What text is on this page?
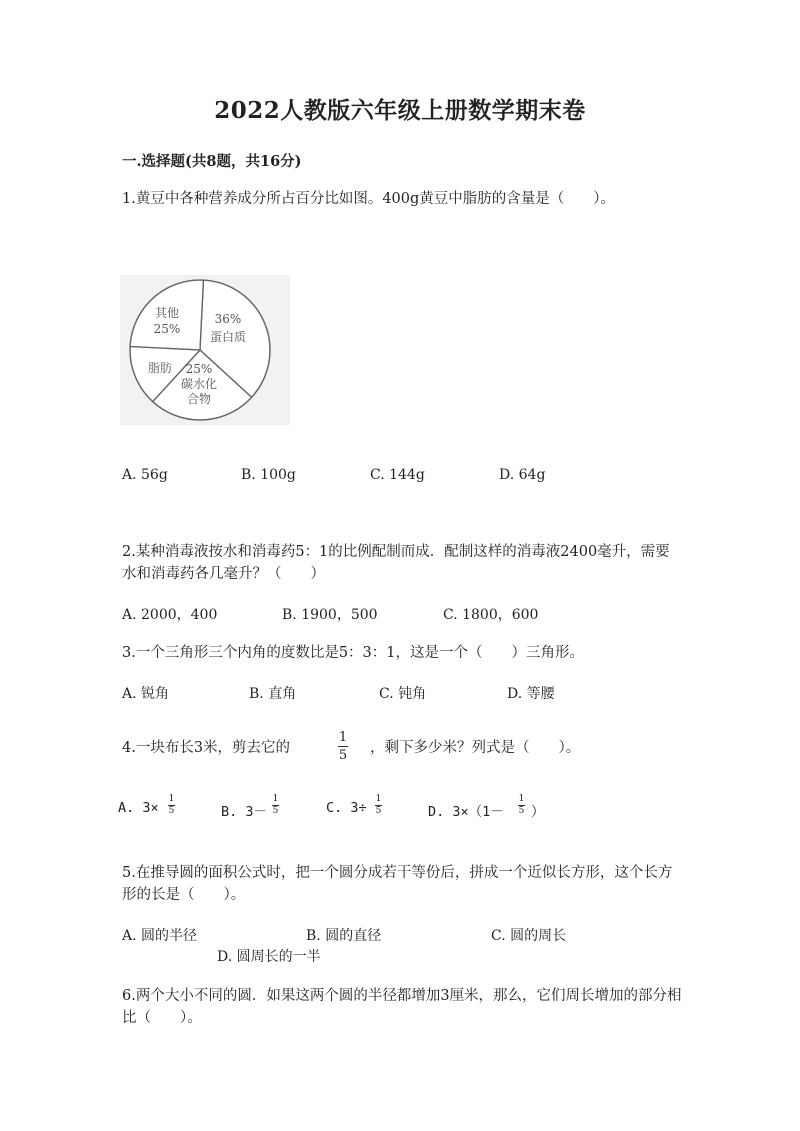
2022人教版六年级上册数学期末卷
一.选择题(共8题，共16分)
1.黄豆中各种营养成分所占百分比如图。400g黄豆中脂肪的含量是（　　）。
36%
蛋白质
其他
25%
脂肪 25%
碳水化
合物
A. 56g	B. 100g	C. 144g	D. 64g
2.某种消毒液按水和消毒药5：1的比例配制而成．配制这样的消毒液2400毫升，需要水和消毒药各几毫升？（　　）
A. 2000，400	B. 1900，500	C. 1800，600
3.一个三角形三个内角的度数比是5：3：1，这是一个（　　）三角形。
A. 锐角	B. 直角	C. 钝角	D. 等腰
4.一块布长3米，剪去它的
1
5 ，剩下多少米？列式是（　　）。
A. 3×
1
5	B. 3－
1
5	C. 3÷
1
5	D. 3×（1－
1
5 ）
5.在推导圆的面积公式时，把一个圆分成若干等份后，拼成一个近似长方形，这个长方形的长是（　　）。
A. 圆的半径	B. 圆的直径	C. 圆的周长
D. 圆周长的一半
6.两个大小不同的圆．如果这两个圆的半径都增加3厘米，那么，它们周长增加的部分相比（　　）。
